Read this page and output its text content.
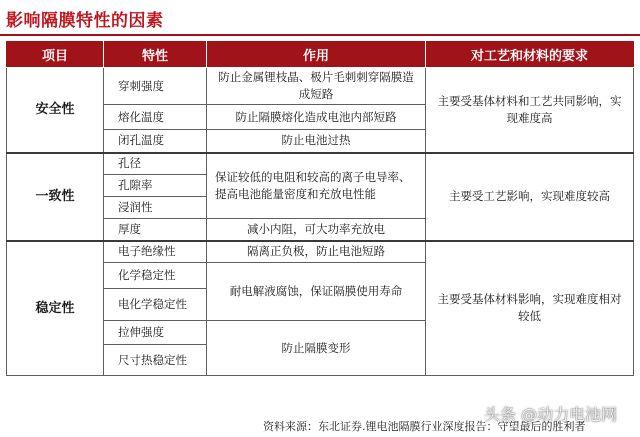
影响隔膜特性的因素
项目	特性	作用	对工艺和材料的要求
安全性	穿刺强度	防止金属锂枝晶、极片毛刺刺穿隔膜造成短路	主要受基体材料和工艺共同影响，实现难度高
	熔化温度	防止隔膜熔化造成电池内部短路	
	闭孔温度	防止电池过热	
一致性	孔径	保证较低的电阻和较高的离子电导率、提高电池能量密度和充放电性能	主要受工艺影响，实现难度较高
	孔隙率		
	浸润性		
	厚度	减小内阻，可大功率充放电	
稳定性	电子绝缘性	隔离正负极，防止电池短路	主要受基体材料影响，实现难度相对较低
	化学稳定性	耐电解液腐蚀，保证隔膜使用寿命	
	电化学稳定性		
	拉伸强度	防止隔膜变形	
	尺寸热稳定性		
资料来源：东北证券.锂电池隔膜行业深度报告：守望最后的胜利者
头条 @动力电池网
